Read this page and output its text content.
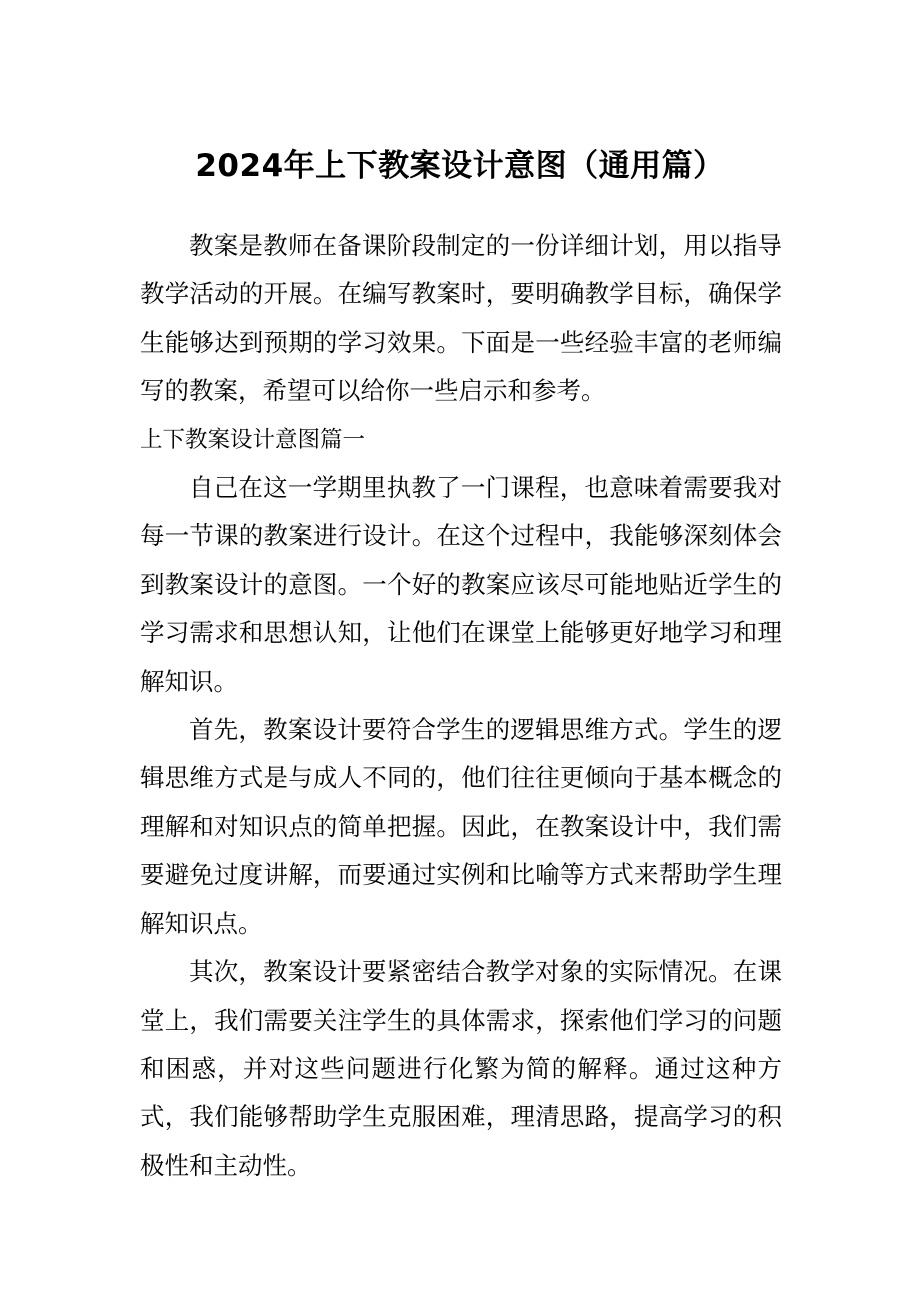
2024年上下教案设计意图（通用篇）

教案是教师在备课阶段制定的一份详细计划，用以指导教学活动的开展。在编写教案时，要明确教学目标，确保学生能够达到预期的学习效果。下面是一些经验丰富的老师编写的教案，希望可以给你一些启示和参考。

上下教案设计意图篇一

自己在这一学期里执教了一门课程，也意味着需要我对每一节课的教案进行设计。在这个过程中，我能够深刻体会到教案设计的意图。一个好的教案应该尽可能地贴近学生的学习需求和思想认知，让他们在课堂上能够更好地学习和理解知识。

首先，教案设计要符合学生的逻辑思维方式。学生的逻辑思维方式是与成人不同的，他们往往更倾向于基本概念的理解和对知识点的简单把握。因此，在教案设计中，我们需要避免过度讲解，而要通过实例和比喻等方式来帮助学生理解知识点。

其次，教案设计要紧密结合教学对象的实际情况。在课堂上，我们需要关注学生的具体需求，探索他们学习的问题和困惑，并对这些问题进行化繁为简的解释。通过这种方式，我们能够帮助学生克服困难，理清思路，提高学习的积极性和主动性。
